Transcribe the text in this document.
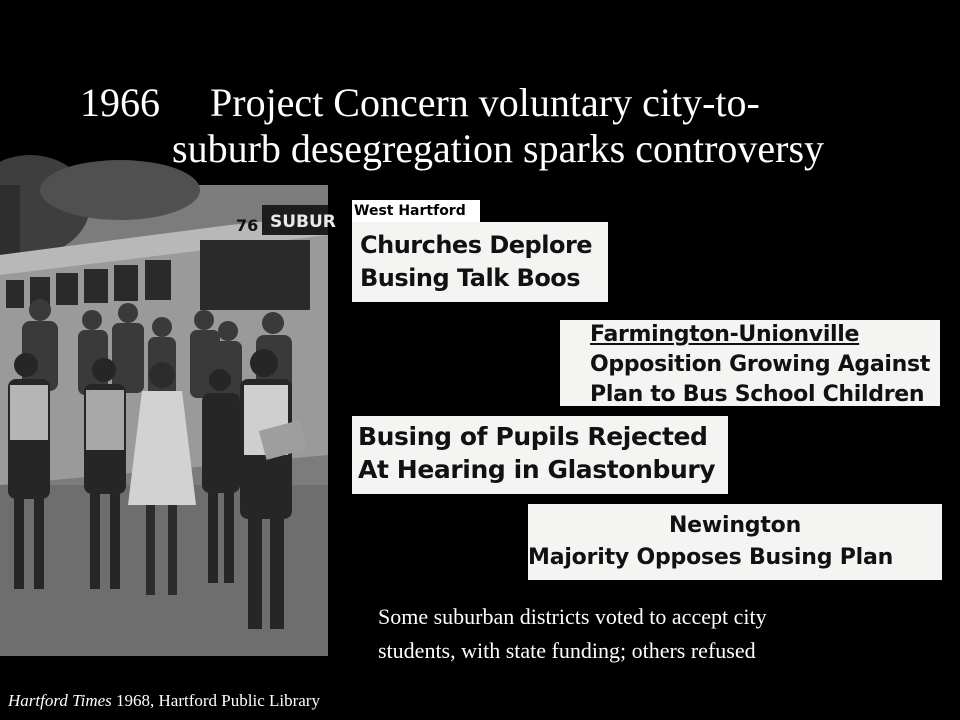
1966 Project Concern voluntary city-to-
suburb desegregation sparks controversy
SUBUR
76
West Hartford
Churches Deplore
Busing Talk Boos
Farmington-Unionville
Opposition Growing Against
Plan to Bus School Children
Busing of Pupils Rejected
At Hearing in Glastonbury
Newington
Majority Opposes Busing Plan
Some suburban districts voted to accept city
students, with state funding; others refused
Hartford Times 1968, Hartford Public Library
